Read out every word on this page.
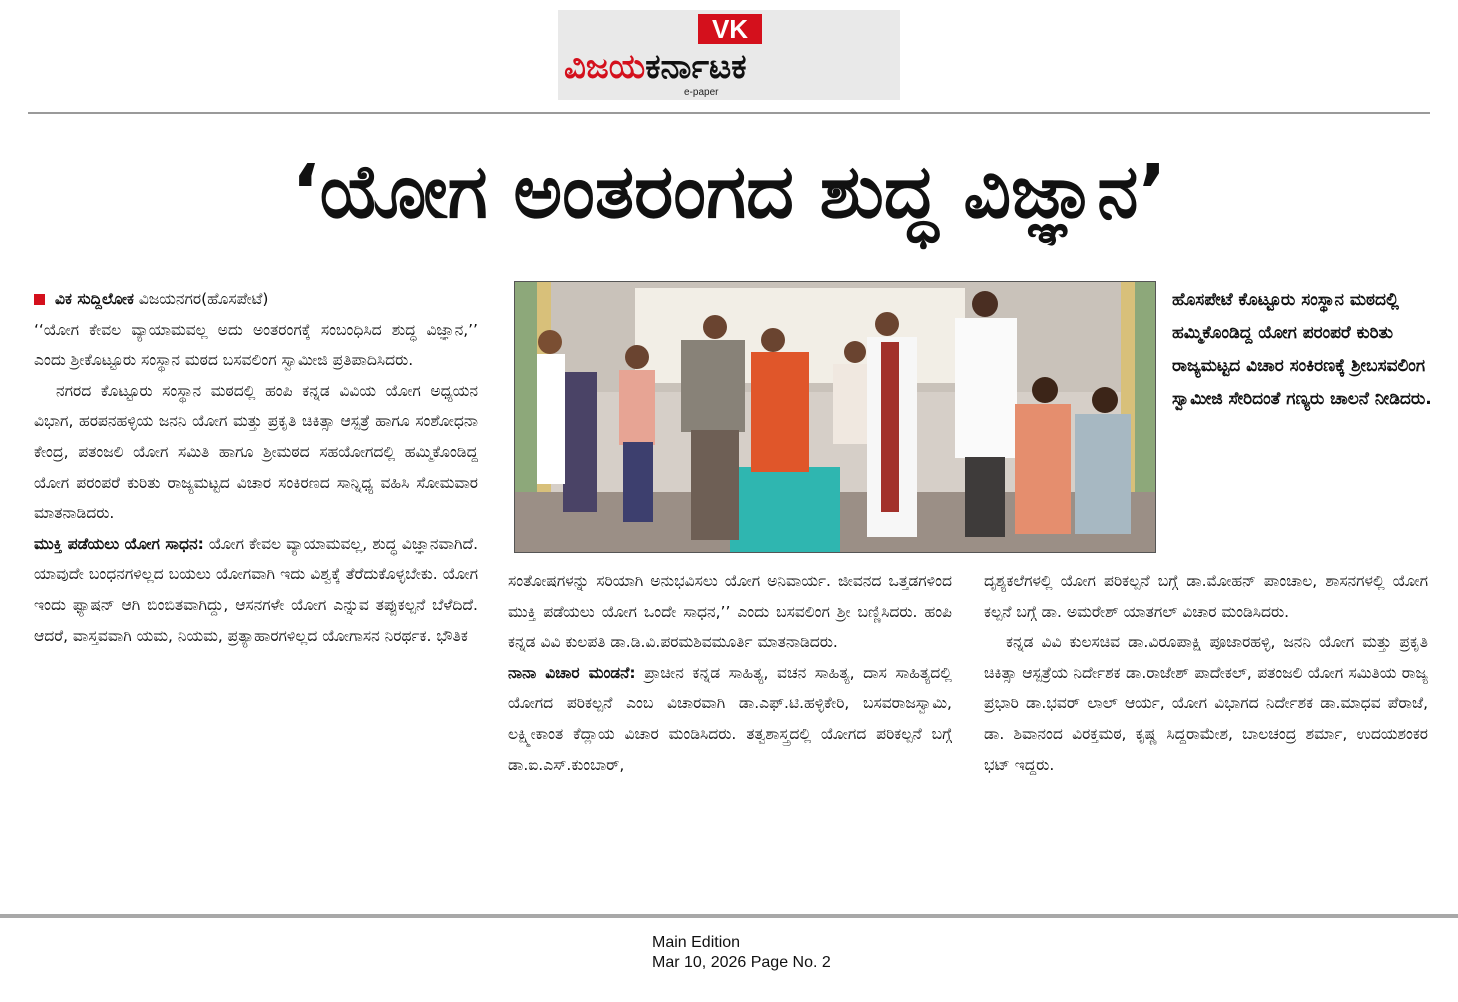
VK
ವಿಜಯಕರ್ನಾಟಕ
e-paper
‘ಯೋಗ ಅಂತರಂಗದ ಶುದ್ಧ ವಿಜ್ಞಾನ’

ವಿಕ ಸುದ್ದಿಲೋಕ ವಿಜಯನಗರ(ಹೊಸಪೇಟೆ)

‘‘ಯೋಗ ಕೇವಲ ವ್ಯಾಯಾಮವಲ್ಲ ಅದು ಅಂತರಂಗಕ್ಕೆ ಸಂಬಂಧಿಸಿದ ಶುದ್ಧ ವಿಜ್ಞಾನ,’’ ಎಂದು ಶ್ರೀಕೊಟ್ಟೂರು ಸಂಸ್ಥಾನ ಮಠದ ಬಸವಲಿಂಗ ಸ್ವಾಮೀಜಿ ಪ್ರತಿಪಾದಿಸಿದರು.

ನಗರದ ಕೊಟ್ಟೂರು ಸಂಸ್ಥಾನ ಮಠದಲ್ಲಿ ಹಂಪಿ ಕನ್ನಡ ವಿವಿಯ ಯೋಗ ಅಧ್ಯಯನ ವಿಭಾಗ, ಹರಪನಹಳ್ಳಿಯ ಜನನಿ ಯೋಗ ಮತ್ತು ಪ್ರಕೃತಿ ಚಿಕಿತ್ಸಾ ಆಸ್ಪತ್ರೆ ಹಾಗೂ ಸಂಶೋಧನಾ ಕೇಂದ್ರ, ಪತಂಜಲಿ ಯೋಗ ಸಮಿತಿ ಹಾಗೂ ಶ್ರೀಮಠದ ಸಹಯೋಗದಲ್ಲಿ ಹಮ್ಮಿಕೊಂಡಿದ್ದ ಯೋಗ ಪರಂಪರೆ ಕುರಿತು ರಾಜ್ಯಮಟ್ಟದ ವಿಚಾರ ಸಂಕಿರಣದ ಸಾನ್ನಿಧ್ಯ ವಹಿಸಿ ಸೋಮವಾರ ಮಾತನಾಡಿದರು.

ಮುಕ್ತಿ ಪಡೆಯಲು ಯೋಗ ಸಾಧನ: ಯೋಗ ಕೇವಲ ವ್ಯಾಯಾಮವಲ್ಲ, ಶುದ್ಧ ವಿಜ್ಞಾನವಾಗಿದೆ. ಯಾವುದೇ ಬಂಧನಗಳಿಲ್ಲದ ಬಯಲು ಯೋಗವಾಗಿ ಇದು ವಿಶ್ವಕ್ಕೆ ತೆರೆದುಕೊಳ್ಳಬೇಕು. ಯೋಗ ಇಂದು ಫ್ಯಾಷನ್ ಆಗಿ ಬಿಂಬಿತವಾಗಿದ್ದು, ಆಸನಗಳೇ ಯೋಗ ಎನ್ನುವ ತಪ್ಪುಕಲ್ಪನೆ ಬೆಳೆದಿದೆ. ಆದರೆ, ವಾಸ್ತವವಾಗಿ ಯಮ, ನಿಯಮ, ಪ್ರತ್ಯಾಹಾರಗಳಿಲ್ಲದ ಯೋಗಾಸನ ನಿರರ್ಥಕ. ಭೌತಿಕ

ಹೊಸಪೇಟೆ ಕೊಟ್ಟೂರು ಸಂಸ್ಥಾನ ಮಠದಲ್ಲಿ ಹಮ್ಮಿಕೊಂಡಿದ್ದ ಯೋಗ ಪರಂಪರೆ ಕುರಿತು ರಾಜ್ಯಮಟ್ಟದ ವಿಚಾರ ಸಂಕಿರಣಕ್ಕೆ ಶ್ರೀಬಸವಲಿಂಗ ಸ್ವಾಮೀಜಿ ಸೇರಿದಂತೆ ಗಣ್ಯರು ಚಾಲನೆ ನೀಡಿದರು.

ಸಂತೋಷಗಳನ್ನು ಸರಿಯಾಗಿ ಅನುಭವಿಸಲು ಯೋಗ ಅನಿವಾರ್ಯ. ಜೀವನದ ಒತ್ತಡಗಳಿಂದ ಮುಕ್ತಿ ಪಡೆಯಲು ಯೋಗ ಒಂದೇ ಸಾಧನ,’’ ಎಂದು ಬಸವಲಿಂಗ ಶ್ರೀ ಬಣ್ಣಿಸಿದರು. ಹಂಪಿ ಕನ್ನಡ ವಿವಿ ಕುಲಪತಿ ಡಾ.ಡಿ.ವಿ.ಪರಮಶಿವಮೂರ್ತಿ ಮಾತನಾಡಿದರು.

ನಾನಾ ವಿಚಾರ ಮಂಡನೆ: ಪ್ರಾಚೀನ ಕನ್ನಡ ಸಾಹಿತ್ಯ, ವಚನ ಸಾಹಿತ್ಯ, ದಾಸ ಸಾಹಿತ್ಯದಲ್ಲಿ ಯೋಗದ ಪರಿಕಲ್ಪನೆ ಎಂಬ ವಿಚಾರವಾಗಿ ಡಾ.ಎಫ್.ಟಿ.ಹಳ್ಳಿಕೇರಿ, ಬಸವರಾಜಸ್ವಾಮಿ, ಲಕ್ಷ್ಮೀಕಾಂತ ಕೆದ್ಲಾಯ ವಿಚಾರ ಮಂಡಿಸಿದರು. ತತ್ವಶಾಸ್ತ್ರದಲ್ಲಿ ಯೋಗದ ಪರಿಕಲ್ಪನೆ ಬಗ್ಗೆ ಡಾ.ಐ.ಎಸ್.ಕುಂಬಾರ್,

ದೃಶ್ಯಕಲೆಗಳಲ್ಲಿ ಯೋಗ ಪರಿಕಲ್ಪನೆ ಬಗ್ಗೆ ಡಾ.ಮೋಹನ್ ಪಾಂಚಾಲ, ಶಾಸನಗಳಲ್ಲಿ ಯೋಗ ಕಲ್ಪನೆ ಬಗ್ಗೆ ಡಾ. ಅಮರೇಶ್ ಯಾತಗಲ್ ವಿಚಾರ ಮಂಡಿಸಿದರು.

ಕನ್ನಡ ವಿವಿ ಕುಲಸಚಿವ ಡಾ.ವಿರೂಪಾಕ್ಷಿ ಪೂಜಾರಹಳ್ಳಿ, ಜನನಿ ಯೋಗ ಮತ್ತು ಪ್ರಕೃತಿ ಚಿಕಿತ್ಸಾ ಆಸ್ಪತ್ರೆಯ ನಿರ್ದೇಶಕ ಡಾ.ರಾಜೇಶ್ ಪಾದೇಕಲ್, ಪತಂಜಲಿ ಯೋಗ ಸಮಿತಿಯ ರಾಜ್ಯ ಪ್ರಭಾರಿ ಡಾ.ಭವರ್ ಲಾಲ್ ಆರ್ಯ, ಯೋಗ ವಿಭಾಗದ ನಿರ್ದೇಶಕ ಡಾ.ಮಾಧವ ಪೆರಾಜೆ, ಡಾ. ಶಿವಾನಂದ ವಿರಕ್ತಮಠ, ಕೃಷ್ಣ ಸಿದ್ದರಾಮೇಶ, ಬಾಲಚಂದ್ರ ಶರ್ಮಾ, ಉದಯಶಂಕರ ಭಟ್ ಇದ್ದರು.

Main Edition
Mar 10, 2026 Page No. 2
